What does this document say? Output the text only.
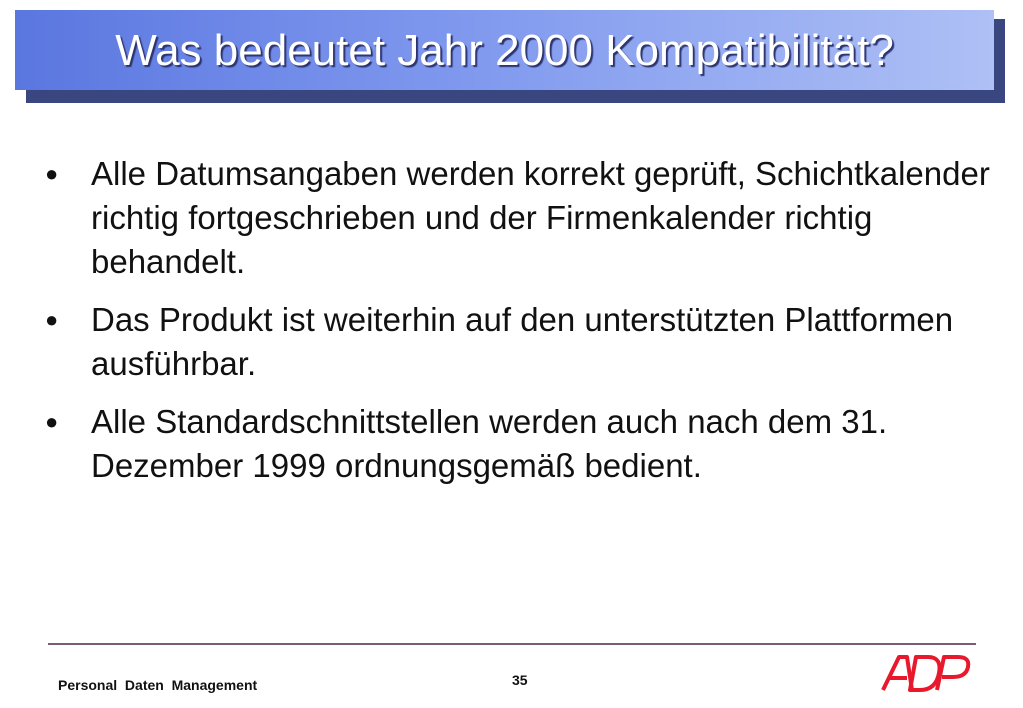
Was bedeutet Jahr 2000 Kompatibilität?
● Alle Datumsangaben werden korrekt geprüft, Schichtkalender richtig fortgeschrieben und der Firmenkalender richtig behandelt.
● Das Produkt ist weiterhin auf den unterstützten Plattformen ausführbar.
● Alle Standardschnittstellen werden auch nach dem 31. Dezember 1999 ordnungsgemäß bedient.
Personal  Daten  Management	35
